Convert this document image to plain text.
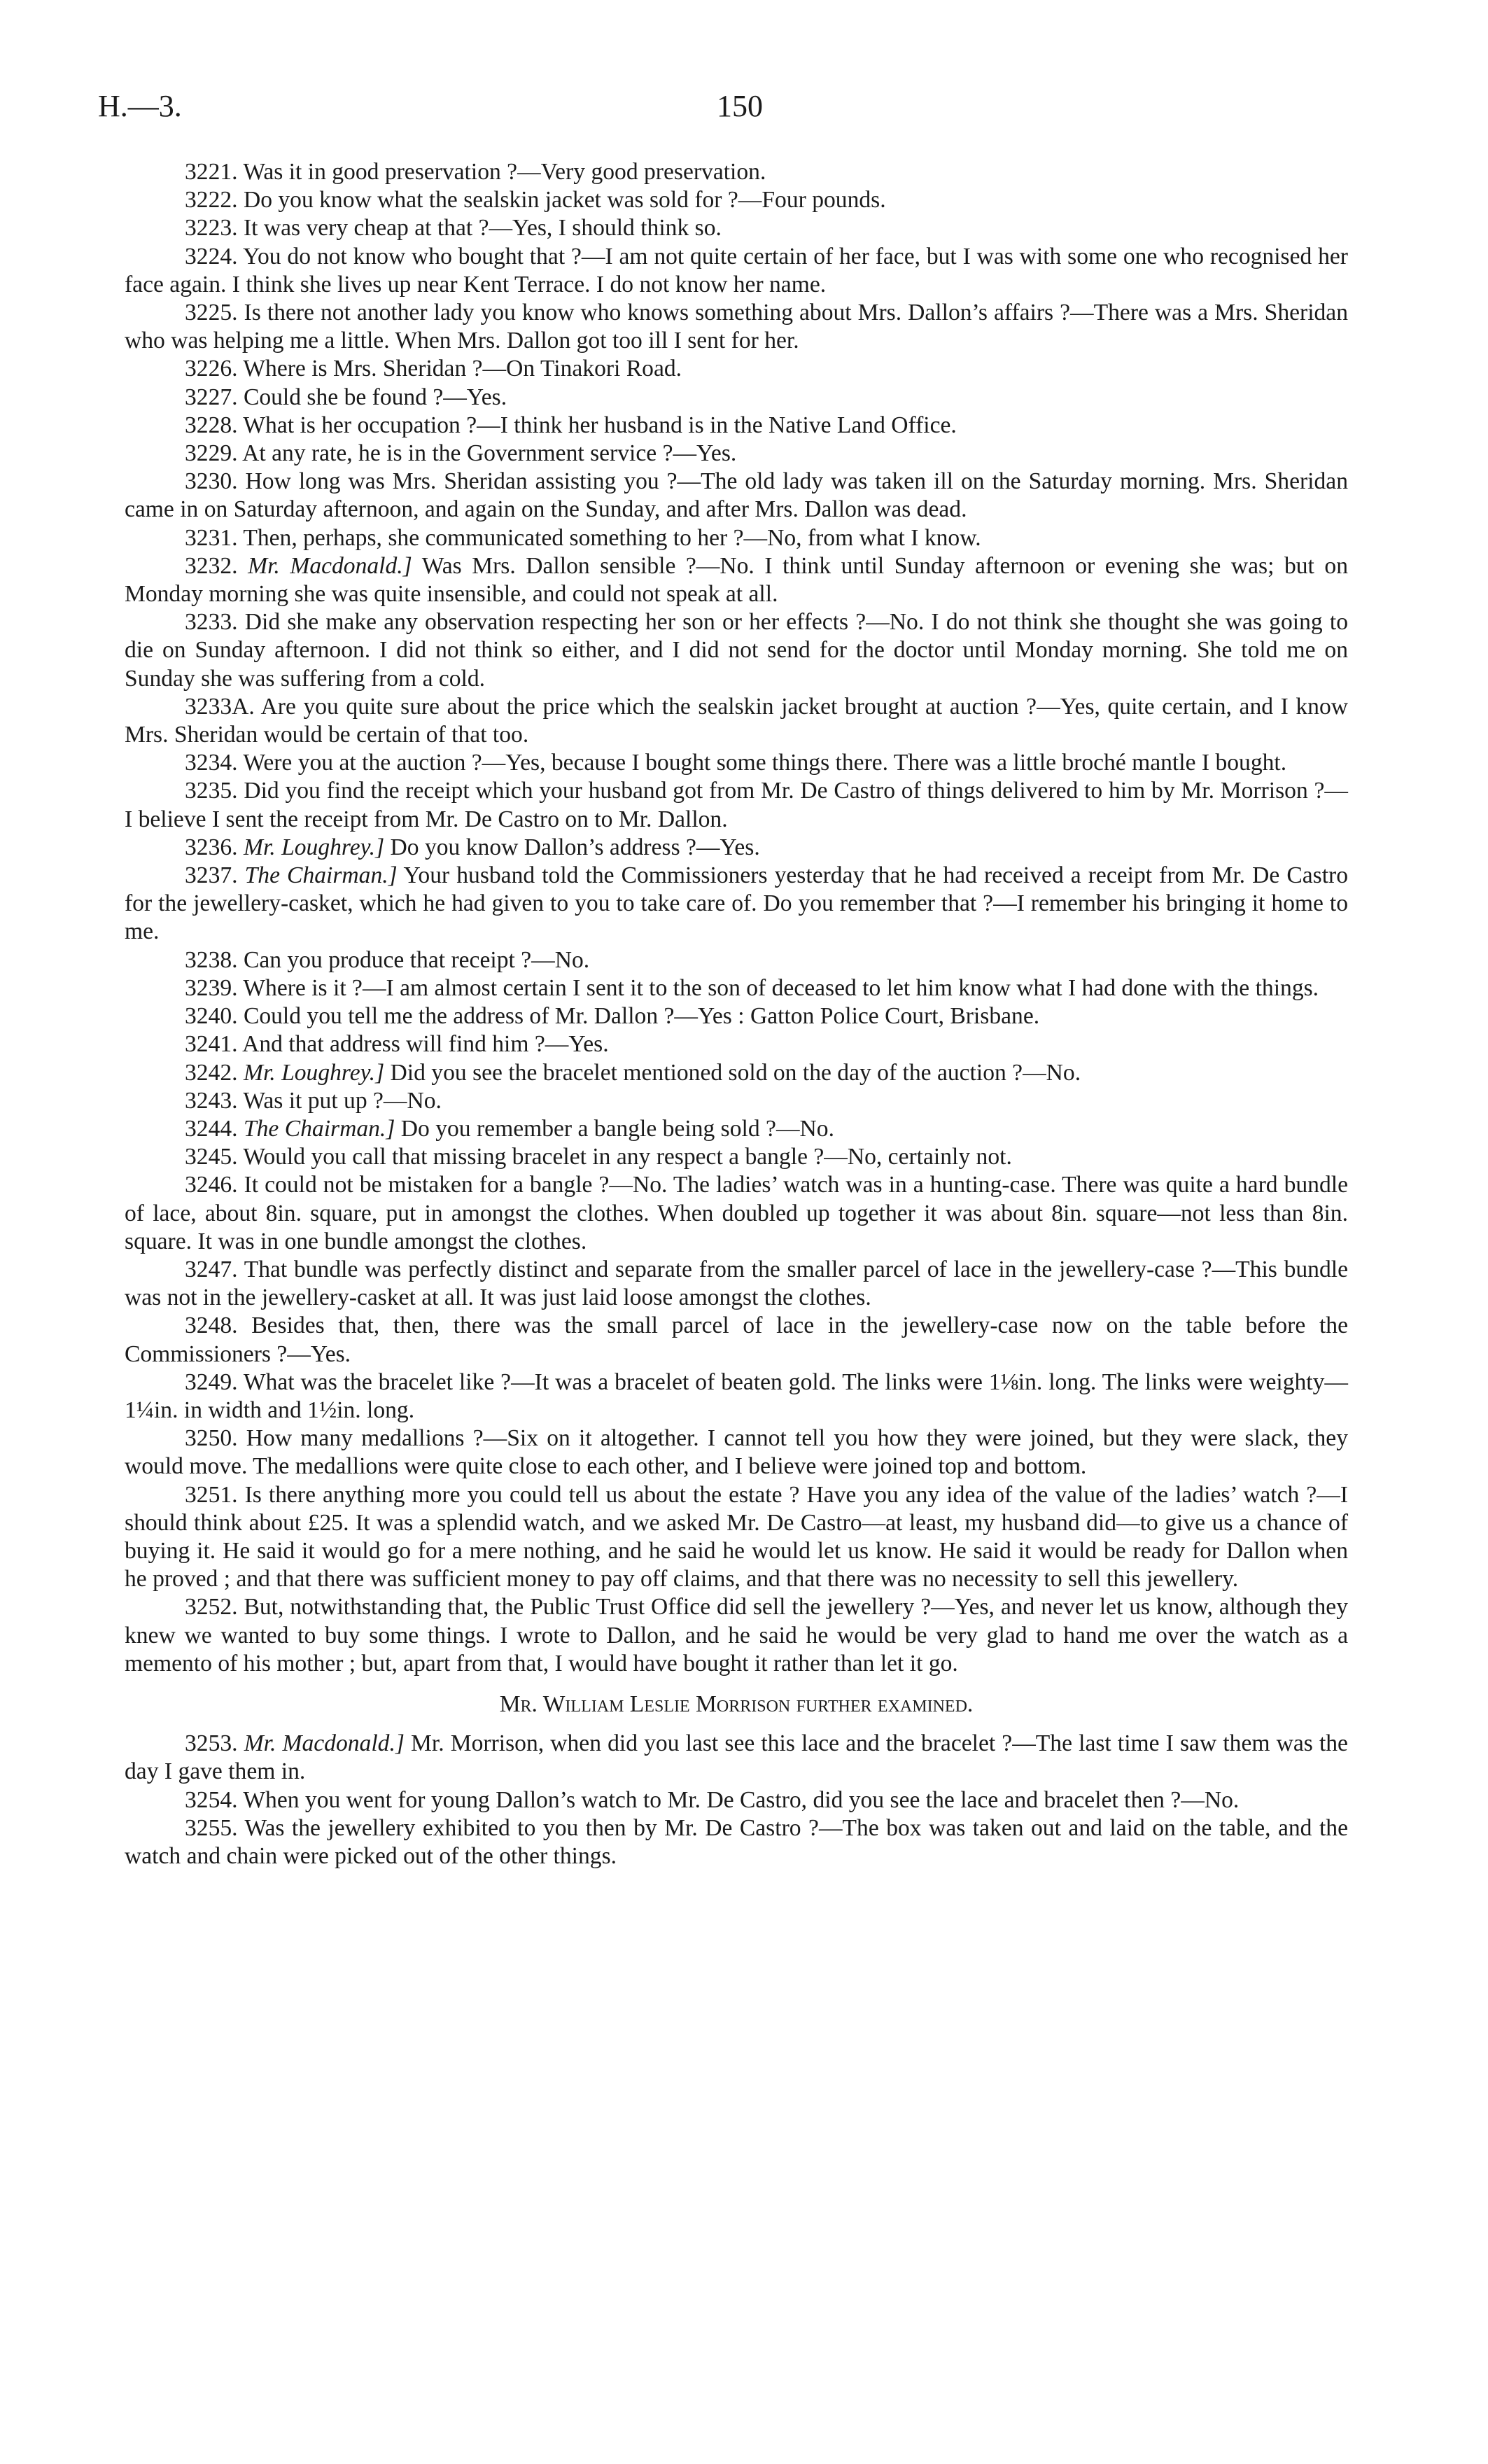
H.—3.	150

3221. Was it in good preservation ?—Very good preservation.

3222. Do you know what the sealskin jacket was sold for ?—Four pounds.

3223. It was very cheap at that ?—Yes, I should think so.

3224. You do not know who bought that ?—I am not quite certain of her face, but I was with some one who recognised her face again. I think she lives up near Kent Terrace. I do not know her name.

3225. Is there not another lady you know who knows something about Mrs. Dallon’s affairs ?—There was a Mrs. Sheridan who was helping me a little. When Mrs. Dallon got too ill I sent for her.

3226. Where is Mrs. Sheridan ?—On Tinakori Road.

3227. Could she be found ?—Yes.

3228. What is her occupation ?—I think her husband is in the Native Land Office.

3229. At any rate, he is in the Government service ?—Yes.

3230. How long was Mrs. Sheridan assisting you ?—The old lady was taken ill on the Saturday morning. Mrs. Sheridan came in on Saturday afternoon, and again on the Sunday, and after Mrs. Dallon was dead.

3231. Then, perhaps, she communicated something to her ?—No, from what I know.

3232. Mr. Macdonald.] Was Mrs. Dallon sensible ?—No. I think until Sunday afternoon or evening she was; but on Monday morning she was quite insensible, and could not speak at all.

3233. Did she make any observation respecting her son or her effects ?—No. I do not think she thought she was going to die on Sunday afternoon. I did not think so either, and I did not send for the doctor until Monday morning. She told me on Sunday she was suffering from a cold.

3233A. Are you quite sure about the price which the sealskin jacket brought at auction ?—Yes, quite certain, and I know Mrs. Sheridan would be certain of that too.

3234. Were you at the auction ?—Yes, because I bought some things there. There was a little broché mantle I bought.

3235. Did you find the receipt which your husband got from Mr. De Castro of things delivered to him by Mr. Morrison ?—I believe I sent the receipt from Mr. De Castro on to Mr. Dallon.

3236. Mr. Loughrey.] Do you know Dallon’s address ?—Yes.

3237. The Chairman.] Your husband told the Commissioners yesterday that he had received a receipt from Mr. De Castro for the jewellery-casket, which he had given to you to take care of. Do you remember that ?—I remember his bringing it home to me.

3238. Can you produce that receipt ?—No.

3239. Where is it ?—I am almost certain I sent it to the son of deceased to let him know what I had done with the things.

3240. Could you tell me the address of Mr. Dallon ?—Yes : Gatton Police Court, Brisbane.

3241. And that address will find him ?—Yes.

3242. Mr. Loughrey.] Did you see the bracelet mentioned sold on the day of the auction ?—No.

3243. Was it put up ?—No.

3244. The Chairman.] Do you remember a bangle being sold ?—No.

3245. Would you call that missing bracelet in any respect a bangle ?—No, certainly not.

3246. It could not be mistaken for a bangle ?—No. The ladies’ watch was in a hunting-case. There was quite a hard bundle of lace, about 8in. square, put in amongst the clothes. When doubled up together it was about 8in. square—not less than 8in. square. It was in one bundle amongst the clothes.

3247. That bundle was perfectly distinct and separate from the smaller parcel of lace in the jewellery-case ?—This bundle was not in the jewellery-casket at all. It was just laid loose amongst the clothes.

3248. Besides that, then, there was the small parcel of lace in the jewellery-case now on the table before the Commissioners ?—Yes.

3249. What was the bracelet like ?—It was a bracelet of beaten gold. The links were 1⅛in. long. The links were weighty—1¼in. in width and 1½in. long.

3250. How many medallions ?—Six on it altogether. I cannot tell you how they were joined, but they were slack, they would move. The medallions were quite close to each other, and I believe were joined top and bottom.

3251. Is there anything more you could tell us about the estate ? Have you any idea of the value of the ladies’ watch ?—I should think about £25. It was a splendid watch, and we asked Mr. De Castro—at least, my husband did—to give us a chance of buying it. He said it would go for a mere nothing, and he said he would let us know. He said it would be ready for Dallon when he proved ; and that there was sufficient money to pay off claims, and that there was no necessity to sell this jewellery.

3252. But, notwithstanding that, the Public Trust Office did sell the jewellery ?—Yes, and never let us know, although they knew we wanted to buy some things. I wrote to Dallon, and he said he would be very glad to hand me over the watch as a memento of his mother ; but, apart from that, I would have bought it rather than let it go.

Mr. William Leslie Morrison further examined.

3253. Mr. Macdonald.] Mr. Morrison, when did you last see this lace and the bracelet ?—The last time I saw them was the day I gave them in.

3254. When you went for young Dallon’s watch to Mr. De Castro, did you see the lace and bracelet then ?—No.

3255. Was the jewellery exhibited to you then by Mr. De Castro ?—The box was taken out and laid on the table, and the watch and chain were picked out of the other things.
